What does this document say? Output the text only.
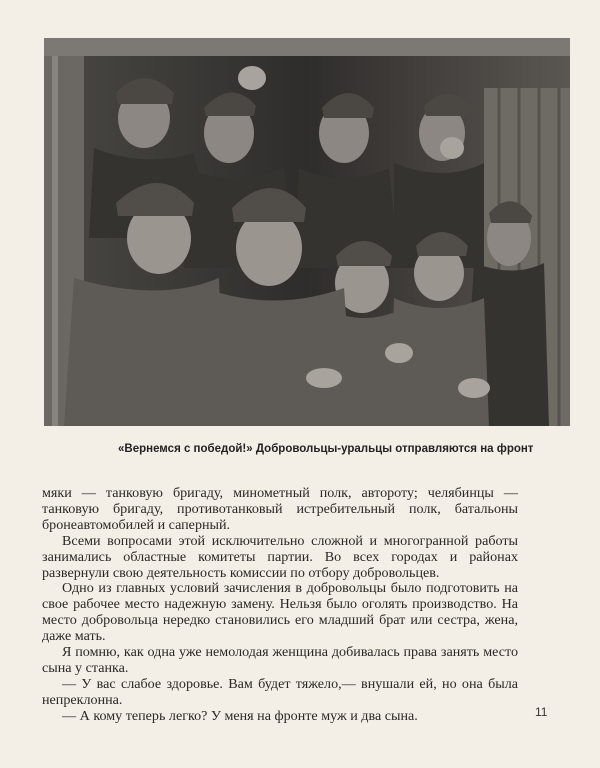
«Вернемся с победой!» Добровольцы-уральцы отправляются на фронт

мяки — танковую бригаду, минометный полк, автороту; челябинцы — танковую бригаду, противотанковый истребительный полк, батальоны бронеавтомобилей и саперный.

Всеми вопросами этой исключительно сложной и многогранной работы занимались областные комитеты партии. Во всех городах и районах развернули свою деятельность комиссии по отбору добровольцев.

Одно из главных условий зачисления в добровольцы было подготовить на свое рабочее место надежную замену. Нельзя было оголять производство. На место добровольца нередко становились его младший брат или сестра, жена, даже мать.

Я помню, как одна уже немолодая женщина добивалась права занять место сына у станка.

— У вас слабое здоровье. Вам будет тяжело,— внушали ей, но она была непреклонна.

— А кому теперь легко? У меня на фронте муж и два сына.	11
